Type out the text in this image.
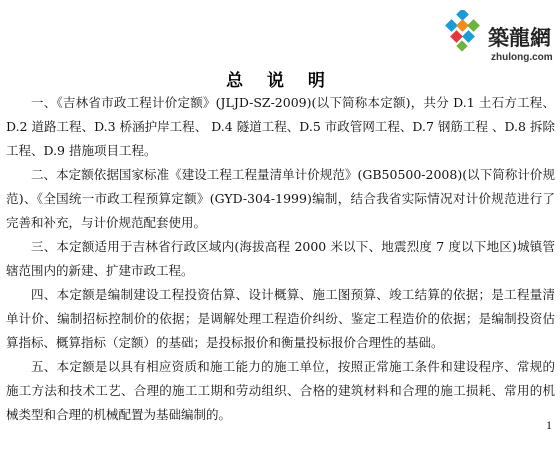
築龍網
zhulong.com
总 说 明

一、《吉林省市政工程计价定额》(JLJD-SZ-2009)(以下简称本定额)，共分 D.1 土石方工程、D.2 道路工程、D.3 桥涵护岸工程、 D.4 隧道工程、D.5 市政管网工程、D.7 钢筋工程 、D.8 拆除工程、D.9 措施项目工程。

二、本定额依据国家标准《建设工程工程量清单计价规范》(GB50500-2008)(以下简称计价规范)、《全国统一市政工程预算定额》(GYD-304-1999)编制，结合我省实际情况对计价规范进行了完善和补充，与计价规范配套使用。

三、本定额适用于吉林省行政区域内(海拔高程 2000 米以下、地震烈度 7 度以下地区)城镇管辖范围内的新建、扩建市政工程。

四、本定额是编制建设工程投资估算、设计概算、施工图预算、竣工结算的依据；是工程量清单计价、编制招标控制价的依据；是调解处理工程造价纠纷、鉴定工程造价的依据；是编制投资估算指标、概算指标（定额）的基础；是投标报价和衡量投标报价合理性的基础。

五、本定额是以具有相应资质和施工能力的施工单位，按照正常施工条件和建设程序、常规的施工方法和技术工艺、合理的施工工期和劳动组织、合格的建筑材料和合理的施工损耗、常用的机械类型和合理的机械配置为基础编制的。

1
